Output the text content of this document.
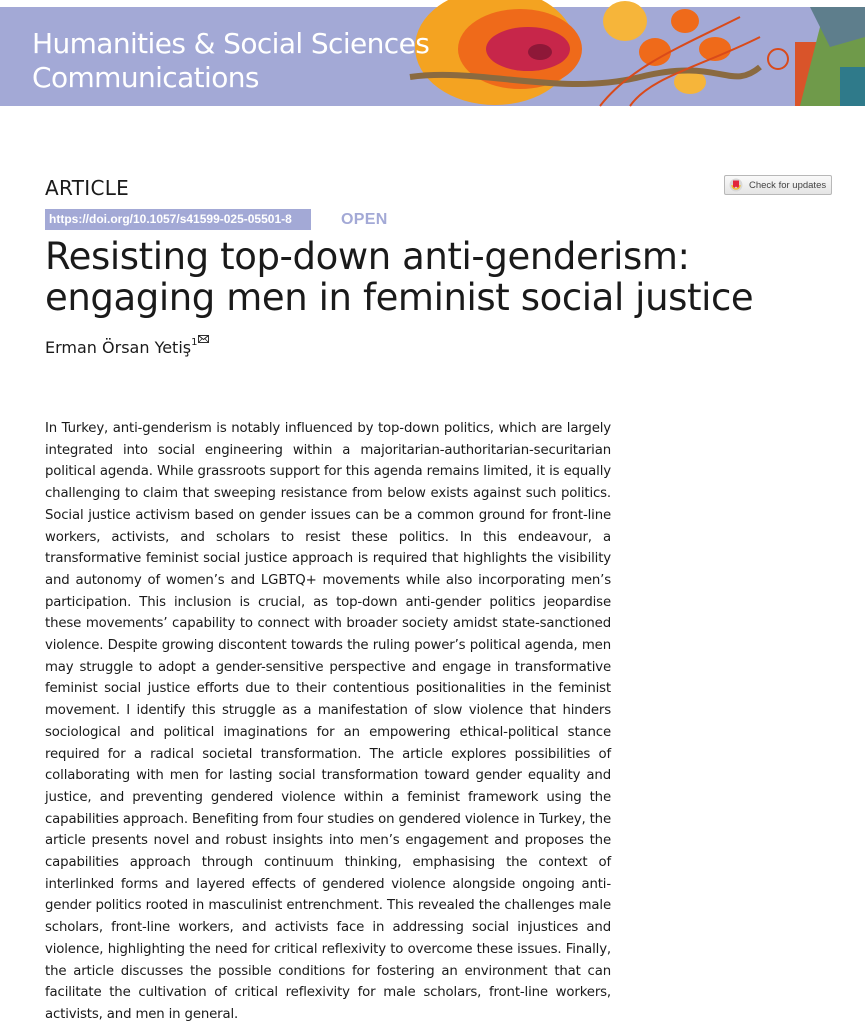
Humanities & Social Sciences
Communications
ARTICLE	Check for updates
https://doi.org/10.1057/s41599-025-05501-8	OPEN
Resisting top-down anti-genderism: engaging men in feminist social justice
Erman Örsan Yetiş$^1$

In Turkey, anti-genderism is notably influenced by top-down politics, which are largely integrated into social engineering within a majoritarian-authoritarian-securitarian political agenda. While grassroots support for this agenda remains limited, it is equally challenging to claim that sweeping resistance from below exists against such politics. Social justice activism based on gender issues can be a common ground for front-line workers, activists, and scholars to resist these politics. In this endeavour, a transformative feminist social justice approach is required that highlights the visibility and autonomy of women’s and LGBTQ+ movements while also incorporating men’s participation. This inclusion is crucial, as top-down anti-gender politics jeopardise these movements’ capability to connect with broader society amidst state-sanctioned violence. Despite growing discontent towards the ruling power’s political agenda, men may struggle to adopt a gender-sensitive perspective and engage in transformative feminist social justice efforts due to their contentious positionalities in the feminist movement. I identify this struggle as a manifestation of slow violence that hinders sociological and political imaginations for an empowering ethical-political stance required for a radical societal transformation. The article explores possibilities of collaborating with men for lasting social transformation toward gender equality and justice, and preventing gendered violence within a feminist framework using the capabilities approach. Benefiting from four studies on gendered violence in Turkey, the article presents novel and robust insights into men’s engagement and proposes the capabilities approach through continuum thinking, emphasising the context of interlinked forms and layered effects of gendered violence alongside ongoing anti-gender politics rooted in masculinist entrenchment. This revealed the challenges male scholars, front-line workers, and activists face in addressing social injustices and violence, highlighting the need for critical reflexivity to overcome these issues. Finally, the article discusses the possible conditions for fostering an environment that can facilitate the cultivation of critical reflexivity for male scholars, front-line workers, activists, and men in general.
